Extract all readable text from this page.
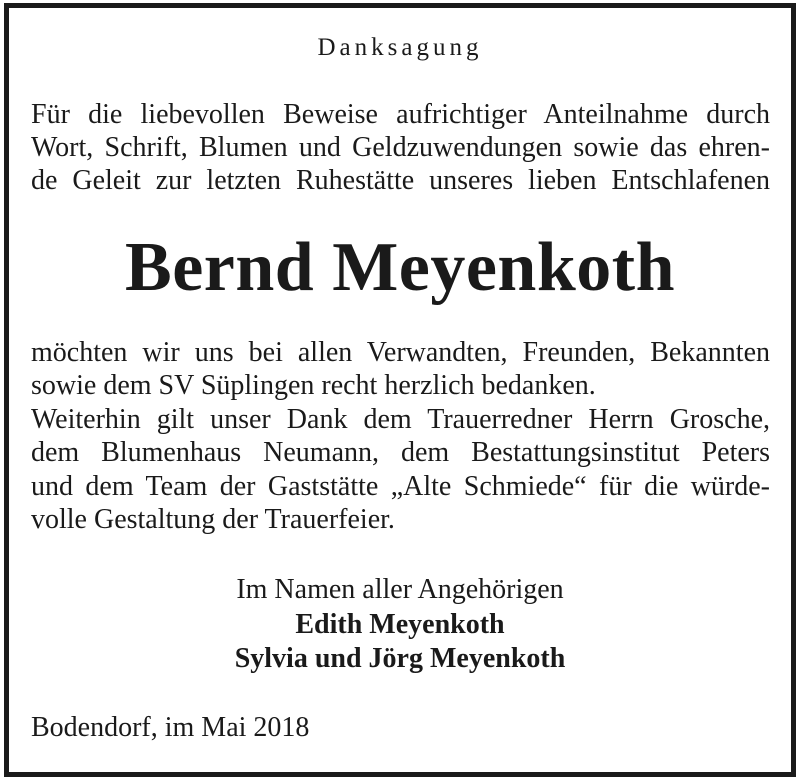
Danksagung
Für die liebevollen Beweise aufrichtiger Anteilnahme durch
Wort, Schrift, Blumen und Geldzuwendungen sowie das ehren-
de Geleit zur letzten Ruhestätte unseres lieben Entschlafenen
Bernd Meyenkoth
möchten wir uns bei allen Verwandten, Freunden, Bekannten
sowie dem SV Süplingen recht herzlich bedanken.
Weiterhin gilt unser Dank dem Trauerredner Herrn Grosche,
dem Blumenhaus Neumann, dem Bestattungsinstitut Peters
und dem Team der Gaststätte „Alte Schmiede“ für die würde-
volle Gestaltung der Trauerfeier.
Im Namen aller Angehörigen
Edith Meyenkoth
Sylvia und Jörg Meyenkoth
Bodendorf, im Mai 2018
